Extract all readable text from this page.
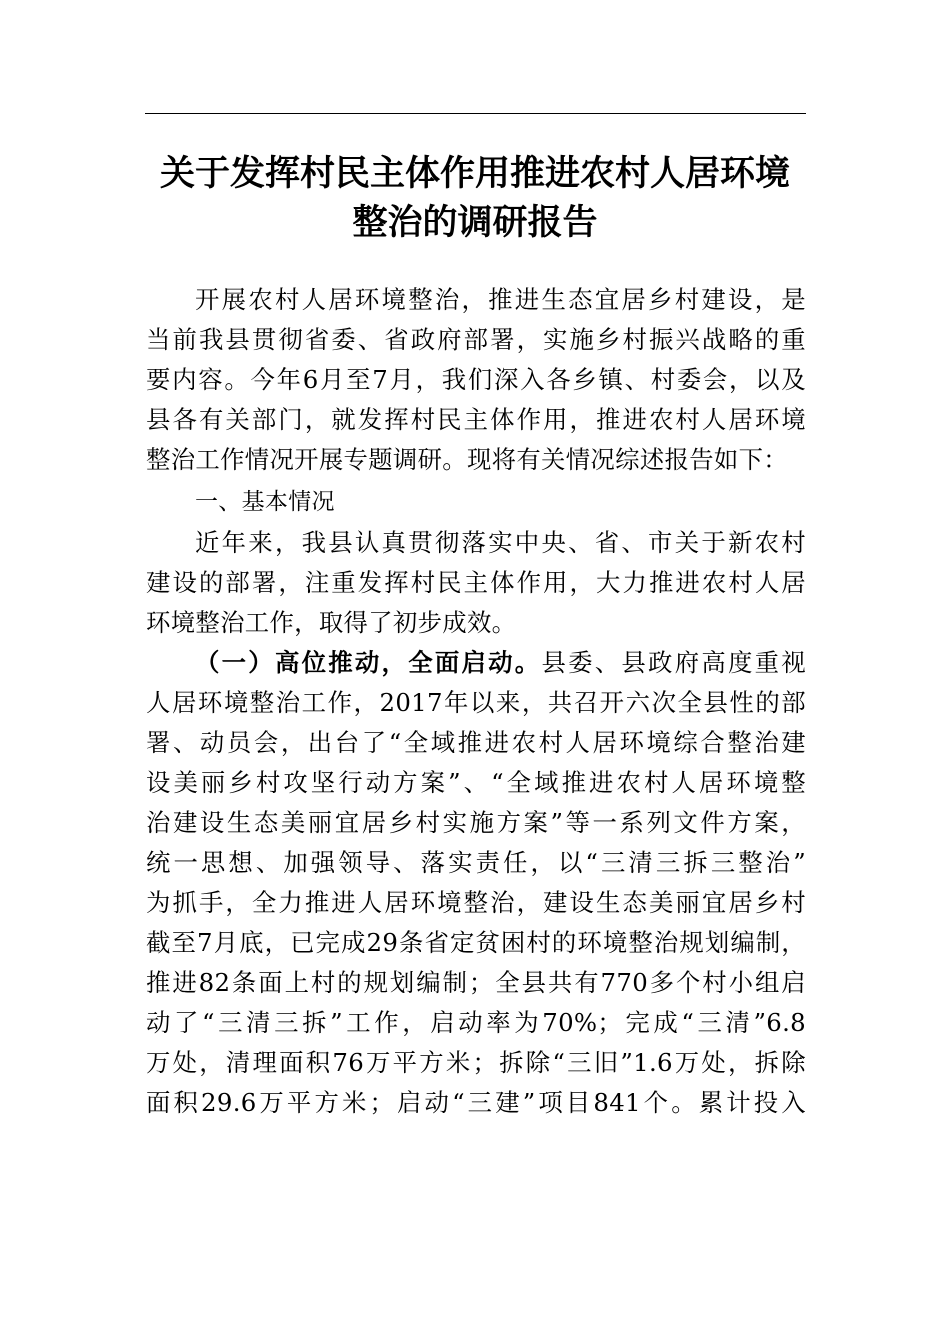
关于发挥村民主体作用推进农村人居环境
整治的调研报告

开展农村人居环境整治，推进生态宜居乡村建设，是
当前我县贯彻省委、省政府部署，实施乡村振兴战略的重
要内容。今年6月至7月，我们深入各乡镇、村委会，以及
县各有关部门，就发挥村民主体作用，推进农村人居环境
整治工作情况开展专题调研。现将有关情况综述报告如下：

一、基本情况

近年来，我县认真贯彻落实中央、省、市关于新农村
建设的部署，注重发挥村民主体作用，大力推进农村人居
环境整治工作，取得了初步成效。

（一）高位推动，全面启动。县委、县政府高度重视
人居环境整治工作，2017年以来，共召开六次全县性的部
署、动员会，出台了“全域推进农村人居环境综合整治建
设美丽乡村攻坚行动方案”、“全域推进农村人居环境整
治建设生态美丽宜居乡村实施方案”等一系列文件方案，
统一思想、加强领导、落实责任，以“三清三拆三整治”
为抓手，全力推进人居环境整治，建设生态美丽宜居乡村
截至7月底，已完成29条省定贫困村的环境整治规划编制，
推进82条面上村的规划编制；全县共有770多个村小组启
动了“三清三拆”工作，启动率为70%；完成“三清”6.8
万处，清理面积76万平方米；拆除“三旧”1.6万处，拆除
面积29.6万平方米；启动“三建”项目841个。累计投入
